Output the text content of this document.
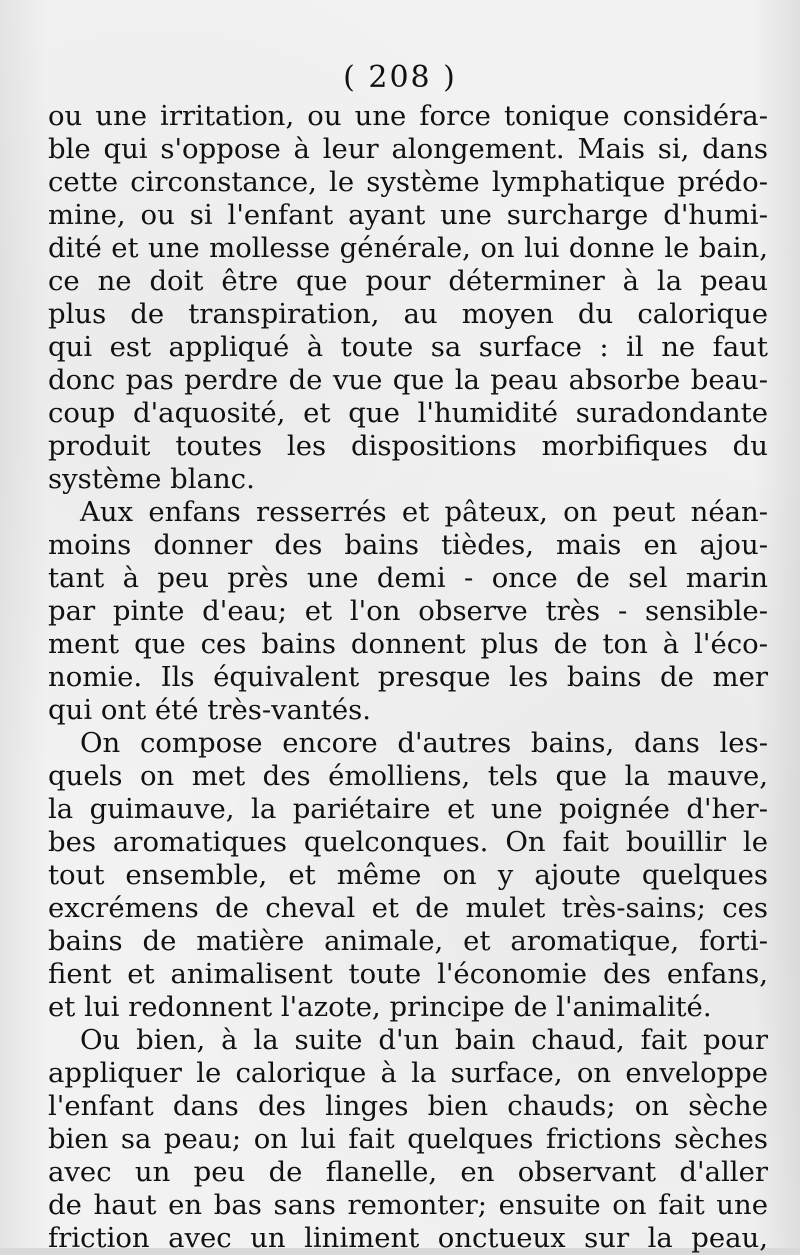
( 208 )
ou une irritation, ou une force tonique considéra-
ble qui s'oppose à leur alongement. Mais si, dans
cette circonstance, le système lymphatique prédo-
mine, ou si l'enfant ayant une surcharge d'humi-
dité et une mollesse générale, on lui donne le bain,
ce ne doit être que pour déterminer à la peau
plus de transpiration, au moyen du calorique
qui est appliqué à toute sa surface : il ne faut
donc pas perdre de vue que la peau absorbe beau-
coup d'aquosité, et que l'humidité suradondante
produit toutes les dispositions morbifiques du
système blanc.
Aux enfans resserrés et pâteux, on peut néan-
moins donner des bains tièdes, mais en ajou-
tant à peu près une demi - once de sel marin
par pinte d'eau; et l'on observe très - sensible-
ment que ces bains donnent plus de ton à l'éco-
nomie. Ils équivalent presque les bains de mer
qui ont été très-vantés.
On compose encore d'autres bains, dans les-
quels on met des émolliens, tels que la mauve,
la guimauve, la pariétaire et une poignée d'her-
bes aromatiques quelconques. On fait bouillir le
tout ensemble, et même on y ajoute quelques
excrémens de cheval et de mulet très-sains; ces
bains de matière animale, et aromatique, forti-
fient et animalisent toute l'économie des enfans,
et lui redonnent l'azote, principe de l'animalité.
Ou bien, à la suite d'un bain chaud, fait pour
appliquer le calorique à la surface, on enveloppe
l'enfant dans des linges bien chauds; on sèche
bien sa peau; on lui fait quelques frictions sèches
avec un peu de flanelle, en observant d'aller
de haut en bas sans remonter; ensuite on fait une
friction avec un liniment onctueux sur la peau,
